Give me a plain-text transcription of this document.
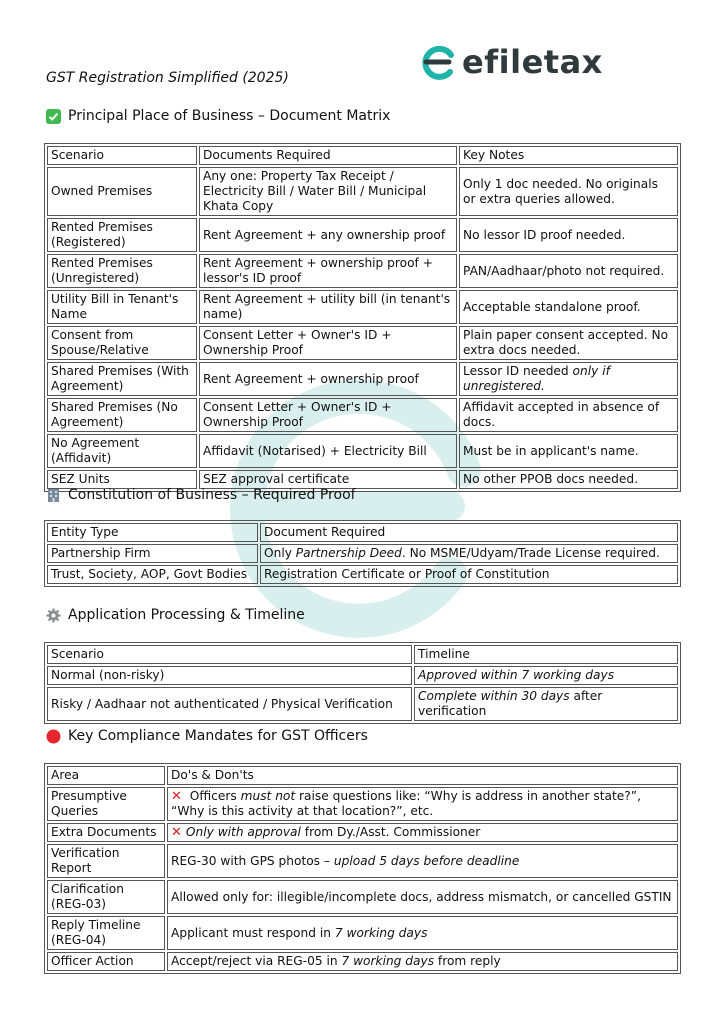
efiletax
GST Registration Simplified (2025)
Principal Place of Business – Document Matrix
Scenario	Documents Required	Key Notes
Owned Premises	Any one: Property Tax Receipt / Electricity Bill / Water Bill / Municipal Khata Copy	Only 1 doc needed. No originals or extra queries allowed.
Rented Premises (Registered)	Rent Agreement + any ownership proof	No lessor ID proof needed.
Rented Premises (Unregistered)	Rent Agreement + ownership proof + lessor's ID proof	PAN/Aadhaar/photo not required.
Utility Bill in Tenant's Name	Rent Agreement + utility bill (in tenant's name)	Acceptable standalone proof.
Consent from Spouse/Relative	Consent Letter + Owner's ID + Ownership Proof	Plain paper consent accepted. No extra docs needed.
Shared Premises (With Agreement)	Rent Agreement + ownership proof	Lessor ID needed only if unregistered.
Shared Premises (No Agreement)	Consent Letter + Owner's ID + Ownership Proof	Affidavit accepted in absence of docs.
No Agreement (Affidavit)	Affidavit (Notarised) + Electricity Bill	Must be in applicant's name.
SEZ Units	SEZ approval certificate	No other PPOB docs needed.
Constitution of Business – Required Proof
Entity Type	Document Required
Partnership Firm	Only Partnership Deed. No MSME/Udyam/Trade License required.
Trust, Society, AOP, Govt Bodies	Registration Certificate or Proof of Constitution
Application Processing & Timeline
Scenario	Timeline
Normal (non-risky)	Approved within 7 working days
Risky / Aadhaar not authenticated / Physical Verification	Complete within 30 days after verification
Key Compliance Mandates for GST Officers
Area	Do's & Don'ts
Presumptive Queries	✕ Officers must not raise questions like: “Why is address in another state?”, “Why is this activity at that location?”, etc.
Extra Documents	✕ Only with approval from Dy./Asst. Commissioner
Verification Report	REG-30 with GPS photos – upload 5 days before deadline
Clarification (REG-03)	Allowed only for: illegible/incomplete docs, address mismatch, or cancelled GSTIN
Reply Timeline (REG-04)	Applicant must respond in 7 working days
Officer Action	Accept/reject via REG-05 in 7 working days from reply
